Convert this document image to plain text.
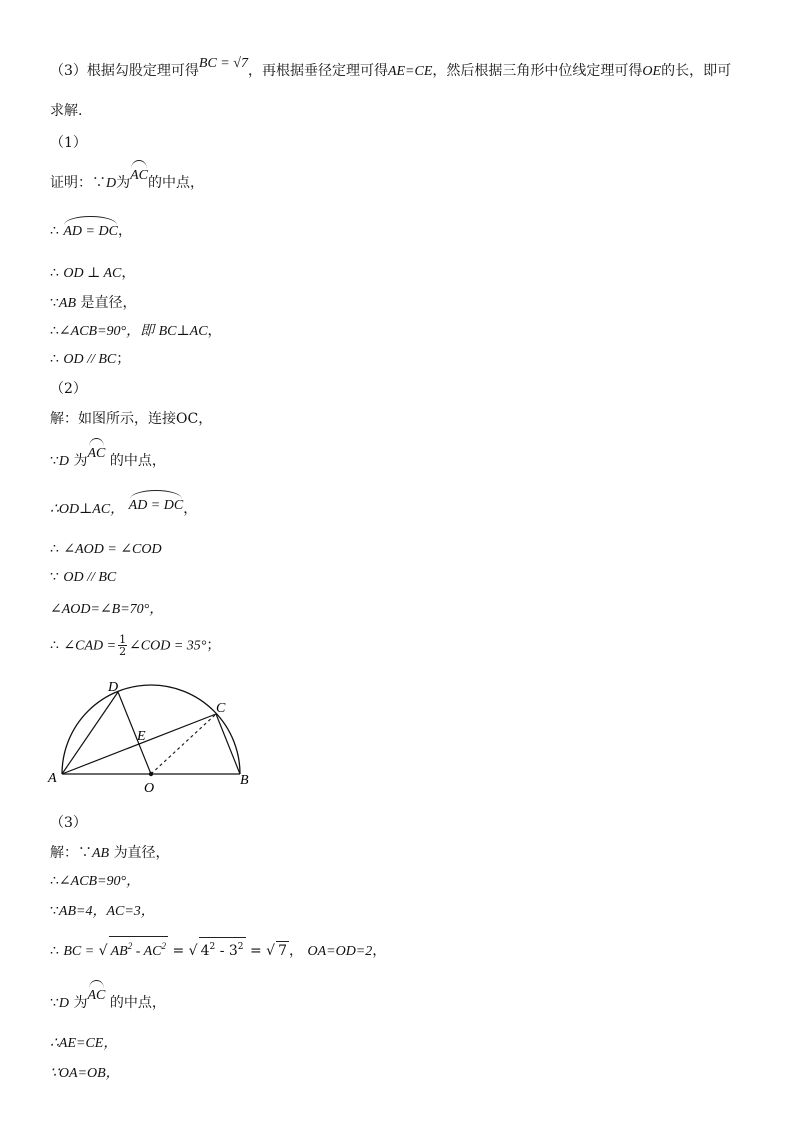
（3）根据勾股定理可得BC = √7，再根据垂径定理可得AE=CE，然后根据三角形中位线定理可得OE的长，即可
求解.
（1）
证明：∵D为AC的中点，
∴ AD = DC，
∴ OD ⊥ AC，
∵AB 是直径，
∴∠ACB=90°，即 BC⊥AC，
∴ OD // BC；
（2）
解：如图所示，连接OC，
∵D 为AC 的中点，
∴OD⊥AC， AD = DC，
∴ ∠AOD = ∠COD
∵ OD // BC
∠AOD=∠B=70°，
∴ ∠CAD = $\frac{1}{2}$ ∠COD = 35°；
A	B
C
D
E
O
（3）
解：∵AB 为直径，
∴∠ACB=90°，
∵AB=4，AC=3，
∴ BC = √ $AB^2 - AC^2$ = √ $4^2 - 3^2$ = √ 7 ， OA=OD=2，
∵D 为AC 的中点，
∴AE=CE，
∵OA=OB，
